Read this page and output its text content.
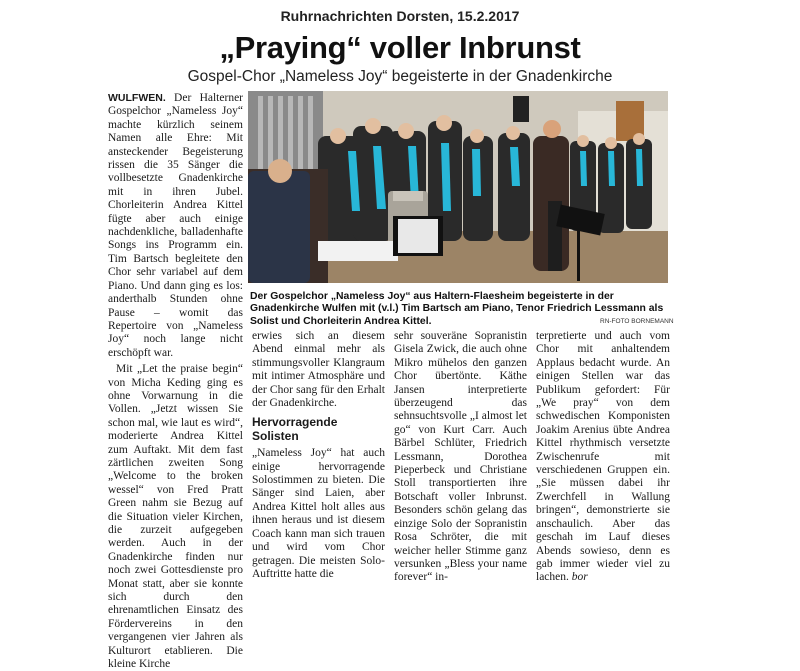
Ruhrnachrichten Dorsten, 15.2.2017
„Praying“ voller Inbrunst
Gospel-Chor „Nameless Joy“ begeisterte in der Gnadenkirche

WULFWEN. Der Halterner Gospelchor „Nameless Joy“ machte kürzlich seinem Namen alle Ehre: Mit ansteckender Begeisterung rissen die 35 Sänger die vollbesetzte Gnadenkirche mit in ihren Jubel. Chorleiterin Andrea Kittel fügte aber auch einige nachdenkliche, balladenhafte Songs ins Programm ein. Tim Bartsch begleitete den Chor sehr variabel auf dem Piano. Und dann ging es los: anderthalb Stunden ohne Pause – womit das Repertoire von „Nameless Joy“ noch lange nicht erschöpft war.

Mit „Let the praise begin“ von Micha Keding ging es ohne Vorwarnung in die Vollen. „Jetzt wissen Sie schon mal, wie laut es wird“, moderierte Andrea Kittel zum Auftakt. Mit dem fast zärtlichen zweiten Song „Welcome to the broken wessel“ von Fred Pratt Green nahm sie Bezug auf die Situation vieler Kirchen, die zurzeit aufgegeben werden. Auch in der Gnadenkirche finden nur noch zwei Gottesdienste pro Monat statt, aber sie konnte sich durch den ehrenamtlichen Einsatz des Fördervereins in den vergangenen vier Jahren als Kulturort etablieren. Die kleine Kirche

Der Gospelchor „Nameless Joy“ aus Haltern-Flaesheim begeisterte in der Gnadenkirche Wulfen mit (v.l.) Tim Bartsch am Piano, Tenor Friedrich Lessmann als Solist und Chorleiterin Andrea Kittel.	RN-FOTO BORNEMANN

erwies sich an diesem Abend einmal mehr als stimmungsvoller Klangraum mit intimer Atmosphäre und der Chor sang für den Erhalt der Gnadenkirche.

Hervorragende Solisten

„Nameless Joy“ hat auch einige hervorragende Solostimmen zu bieten. Die Sänger sind Laien, aber Andrea Kittel holt alles aus ihnen heraus und ist diesem Coach kann man sich trauen und wird vom Chor getragen. Die meisten Solo-Auftritte hatte die

sehr souveräne Sopranistin Gisela Zwick, die auch ohne Mikro mühelos den ganzen Chor übertönte. Käthe Jansen interpretierte überzeugend das sehnsuchtsvolle „I almost let go“ von Kurt Carr. Auch Bärbel Schlüter, Friedrich Lessmann, Dorothea Pieperbeck und Christiane Stoll transportierten ihre Botschaft voller Inbrunst. Besonders schön gelang das einzige Solo der Sopranistin Rosa Schröter, die mit weicher heller Stimme ganz versunken „Bless your name forever“ in-

terpretierte und auch vom Chor mit anhaltendem Applaus bedacht wurde. An einigen Stellen war das Publikum gefordert: Für „We pray“ von dem schwedischen Komponisten Joakim Arenius übte Andrea Kittel rhythmisch versetzte Zwischenrufe mit verschiedenen Gruppen ein. „Sie müssen dabei ihr Zwerchfell in Wallung bringen“, demonstrierte sie anschaulich. Aber das geschah im Lauf dieses Abends sowieso, denn es gab immer wieder viel zu lachen. bor
